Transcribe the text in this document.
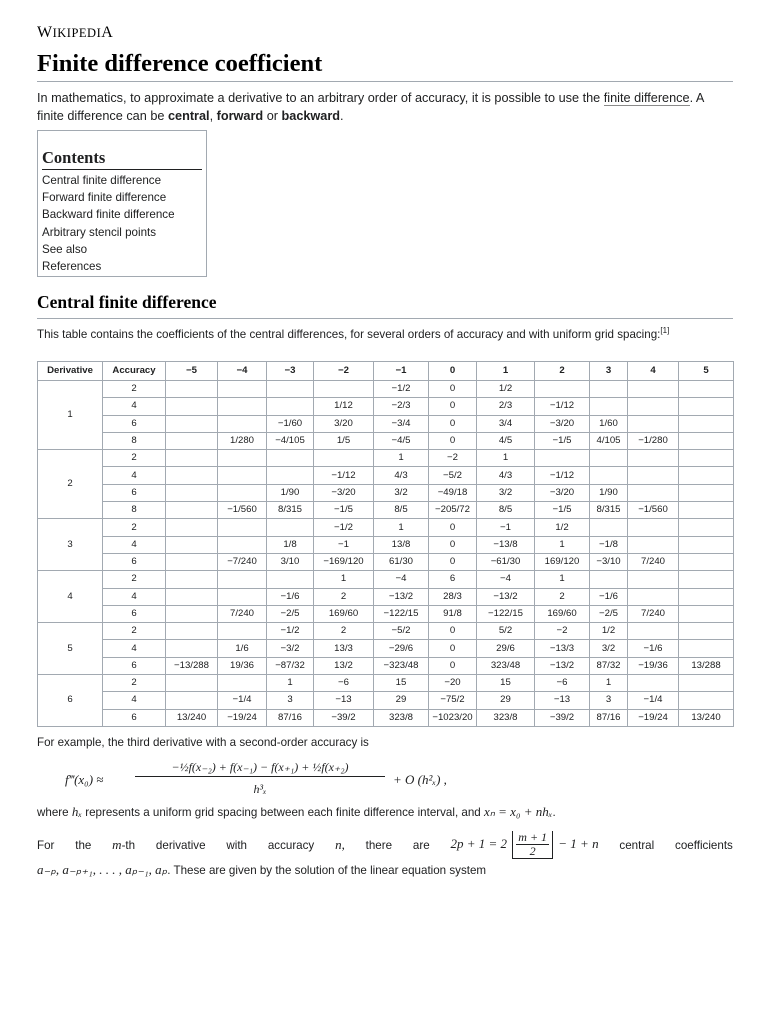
WIKIPEDIA
Finite difference coefficient

In mathematics, to approximate a derivative to an arbitrary order of accuracy, it is possible to use the finite difference. A finite difference can be central, forward or backward.

Contents
Central finite difference
Forward finite difference
Backward finite difference
Arbitrary stencil points
See also
References
Central finite difference

This table contains the coefficients of the central differences, for several orders of accuracy and with uniform grid spacing:[1]

Derivative	Accuracy	−5	−4	−3	−2	−1	0	1	2	3	4	5
1	2					−1/2	0	1/2				
	4				1/12	−2/3	0	2/3	−1/12			
	6			−1/60	3/20	−3/4	0	3/4	−3/20	1/60		
	8		1/280	−4/105	1/5	−4/5	0	4/5	−1/5	4/105	−1/280	
2	2					1	−2	1				
	4				−1/12	4/3	−5/2	4/3	−1/12			
	6			1/90	−3/20	3/2	−49/18	3/2	−3/20	1/90		
	8		−1/560	8/315	−1/5	8/5	−205/72	8/5	−1/5	8/315	−1/560	
3	2				−1/2	1	0	−1	1/2			
	4			1/8	−1	13/8	0	−13/8	1	−1/8		
	6		−7/240	3/10	−169/120	61/30	0	−61/30	169/120	−3/10	7/240	
4	2				1	−4	6	−4	1			
	4			−1/6	2	−13/2	28/3	−13/2	2	−1/6		
	6		7/240	−2/5	169/60	−122/15	91/8	−122/15	169/60	−2/5	7/240	
5	2			−1/2	2	−5/2	0	5/2	−2	1/2		
	4		1/6	−3/2	13/3	−29/6	0	29/6	−13/3	3/2	−1/6	
	6	−13/288	19/36	−87/32	13/2	−323/48	0	323/48	−13/2	87/32	−19/36	13/288
6	2			1	−6	15	−20	15	−6	1		
	4		−1/4	3	−13	29	−75/2	29	−13	3	−1/4	
	6	13/240	−19/24	87/16	−39/2	323/8	−1023/20	323/8	−39/2	87/16	−19/24	13/240

For example, the third derivative with a second-order accuracy is

f‴(x₀) ≈
−½f(x₋₂) + f(x₋₁) − f(x₊₁) + ½f(x₊₂)
h³ₓ
+ O (h²ₓ) ,

where hₓ represents a uniform grid spacing between each finite difference interval, and xₙ = x₀ + nhₓ.

For the m-th derivative with accuracy n, there are $2p + 1 = 2 \frac{m + 1}{2} - 1 + n$ central coefficients
a₋ₚ, a₋ₚ₊₁, . . . , aₚ₋₁, aₚ. These are given by the solution of the linear equation system
